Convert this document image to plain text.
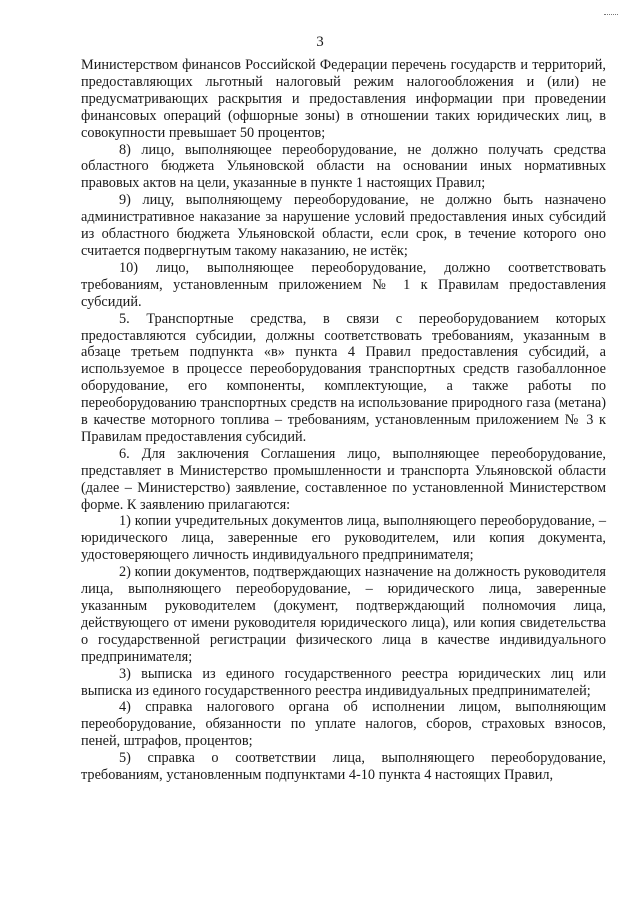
3

Министерством финансов Российской Федерации перечень государств и территорий, предоставляющих льготный налоговый режим налогообложения и (или) не предусматривающих раскрытия и предоставления информации при проведении финансовых операций (офшорные зоны) в отношении таких юридических лиц, в совокупности превышает 50 процентов;

8) лицо, выполняющее переоборудование, не должно получать средства областного бюджета Ульяновской области на основании иных нормативных правовых актов на цели, указанные в пункте 1 настоящих Правил;

9) лицу, выполняющему переоборудование, не должно быть назначено административное наказание за нарушение условий предоставления иных субсидий из областного бюджета Ульяновской области, если срок, в течение которого оно считается подвергнутым такому наказанию, не истёк;

10) лицо, выполняющее переоборудование, должно соответствовать требованиям, установленным приложением № 1 к Правилам предоставления субсидий.

5. Транспортные средства, в связи с переоборудованием которых предоставляются субсидии, должны соответствовать требованиям, указанным в абзаце третьем подпункта «в» пункта 4 Правил предоставления субсидий, а используемое в процессе переоборудования транспортных средств газобаллонное оборудование, его компоненты, комплектующие, а также работы по переоборудованию транспортных средств на использование природного газа (метана) в качестве моторного топлива – требованиям, установленным приложением № 3 к Правилам предоставления субсидий.

6. Для заключения Соглашения лицо, выполняющее переоборудование, представляет в Министерство промышленности и транспорта Ульяновской области (далее – Министерство) заявление, составленное по установленной Министерством форме. К заявлению прилагаются:

1) копии учредительных документов лица, выполняющего переоборудование, – юридического лица, заверенные его руководителем, или копия документа, удостоверяющего личность индивидуального предпринимателя;

2) копии документов, подтверждающих назначение на должность руководителя лица, выполняющего переоборудование, – юридического лица, заверенные указанным руководителем (документ, подтверждающий полномочия лица, действующего от имени руководителя юридического лица), или копия свидетельства о государственной регистрации физического лица в качестве индивидуального предпринимателя;

3) выписка из единого государственного реестра юридических лиц или выписка из единого государственного реестра индивидуальных предпринимателей;

4) справка налогового органа об исполнении лицом, выполняющим переоборудование, обязанности по уплате налогов, сборов, страховых взносов, пеней, штрафов, процентов;

5) справка о соответствии лица, выполняющего переоборудование, требованиям, установленным подпунктами 4-10 пункта 4 настоящих Правил,
